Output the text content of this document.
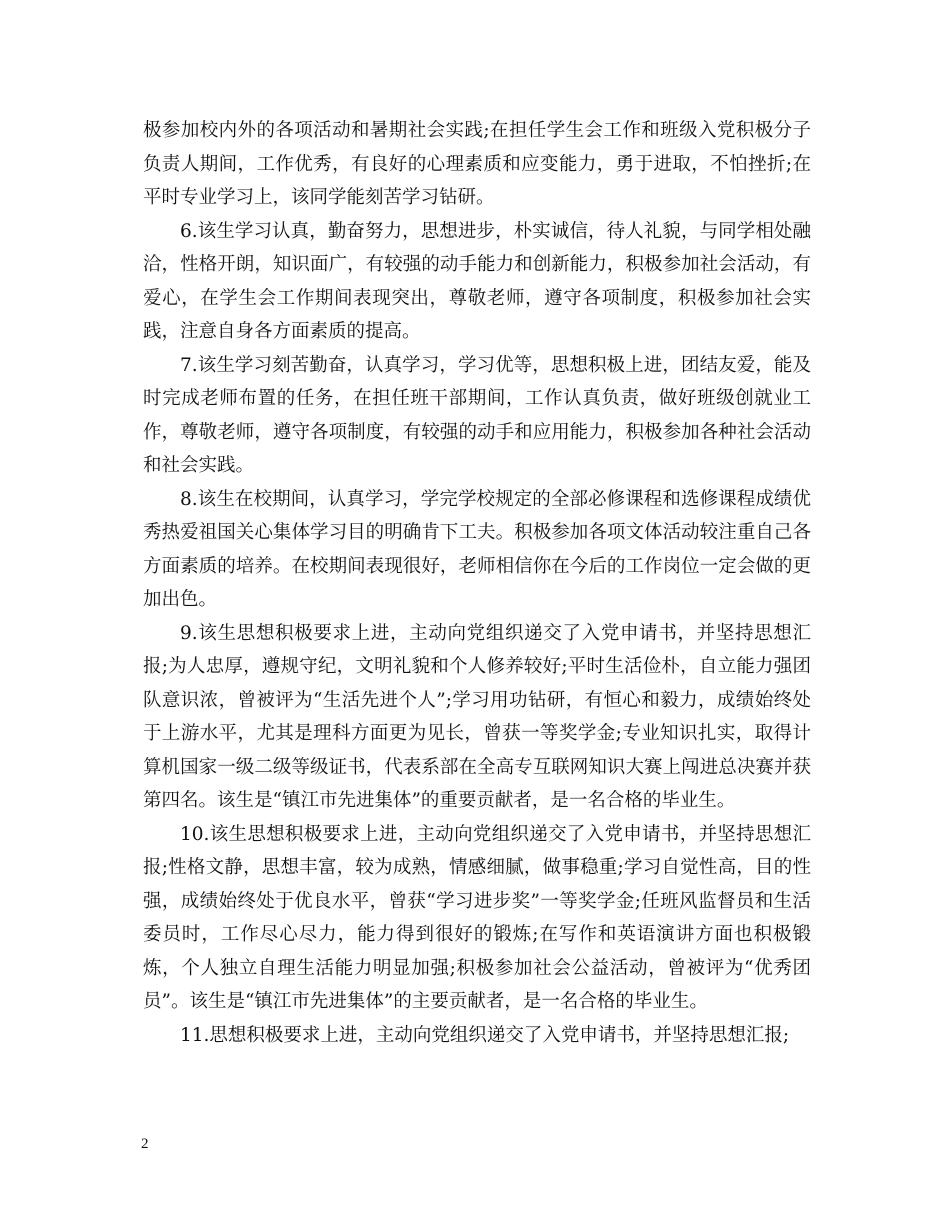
极参加校内外的各项活动和暑期社会实践;在担任学生会工作和班级入党积极分子负责人期间，工作优秀，有良好的心理素质和应变能力，勇于进取，不怕挫折;在平时专业学习上，该同学能刻苦学习钻研。

6.该生学习认真，勤奋努力，思想进步，朴实诚信，待人礼貌，与同学相处融洽，性格开朗，知识面广，有较强的动手能力和创新能力，积极参加社会活动，有爱心，在学生会工作期间表现突出，尊敬老师，遵守各项制度，积极参加社会实践，注意自身各方面素质的提高。

7.该生学习刻苦勤奋，认真学习，学习优等，思想积极上进，团结友爱，能及时完成老师布置的任务，在担任班干部期间，工作认真负责，做好班级创就业工作，尊敬老师，遵守各项制度，有较强的动手和应用能力，积极参加各种社会活动和社会实践。

8.该生在校期间，认真学习，学完学校规定的全部必修课程和选修课程成绩优秀热爱祖国关心集体学习目的明确肯下工夫。积极参加各项文体活动较注重自己各方面素质的培养。在校期间表现很好，老师相信你在今后的工作岗位一定会做的更加出色。

9.该生思想积极要求上进，主动向党组织递交了入党申请书，并坚持思想汇报;为人忠厚，遵规守纪，文明礼貌和个人修养较好;平时生活俭朴，自立能力强团队意识浓，曾被评为“生活先进个人”;学习用功钻研，有恒心和毅力，成绩始终处于上游水平，尤其是理科方面更为见长，曾获一等奖学金;专业知识扎实，取得计算机国家一级二级等级证书，代表系部在全高专互联网知识大赛上闯进总决赛并获第四名。该生是“镇江市先进集体”的重要贡献者，是一名合格的毕业生。

10.该生思想积极要求上进，主动向党组织递交了入党申请书，并坚持思想汇报;性格文静，思想丰富，较为成熟，情感细腻，做事稳重;学习自觉性高，目的性强，成绩始终处于优良水平，曾获“学习进步奖”一等奖学金;任班风监督员和生活委员时，工作尽心尽力，能力得到很好的锻炼;在写作和英语演讲方面也积极锻炼，个人独立自理生活能力明显加强;积极参加社会公益活动，曾被评为“优秀团员”。该生是“镇江市先进集体”的主要贡献者，是一名合格的毕业生。

11.思想积极要求上进，主动向党组织递交了入党申请书，并坚持思想汇报;

2
